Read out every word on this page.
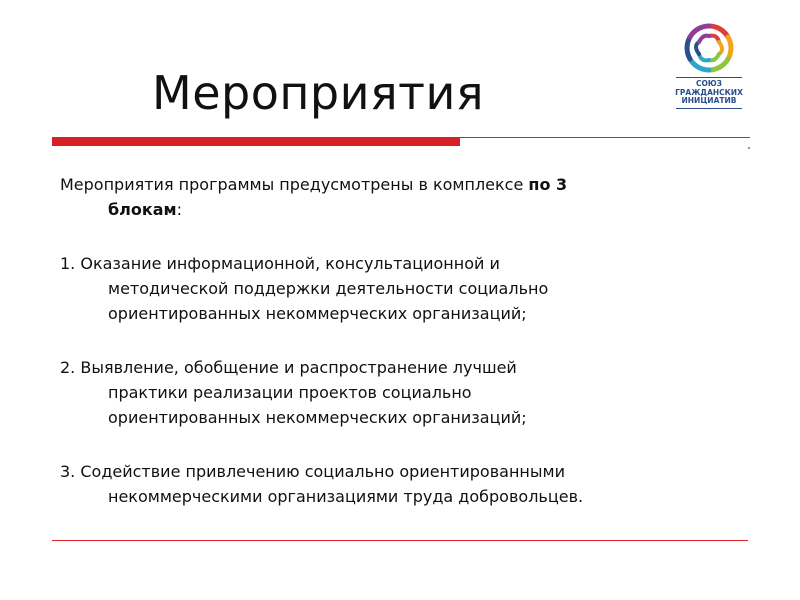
Мероприятия	СОЮЗ
ГРАЖДАНСКИХ
ИНИЦИАТИВ
Мероприятия программы предусмотрены в комплексе по 3
блокам:
1. Оказание информационной, консультационной и
методической поддержки деятельности социально
ориентированных некоммерческих организаций;
2. Выявление, обобщение и распространение лучшей
практики реализации проектов социально
ориентированных некоммерческих организаций;
3. Содействие привлечению социально ориентированными
некоммерческими организациями труда добровольцев.
